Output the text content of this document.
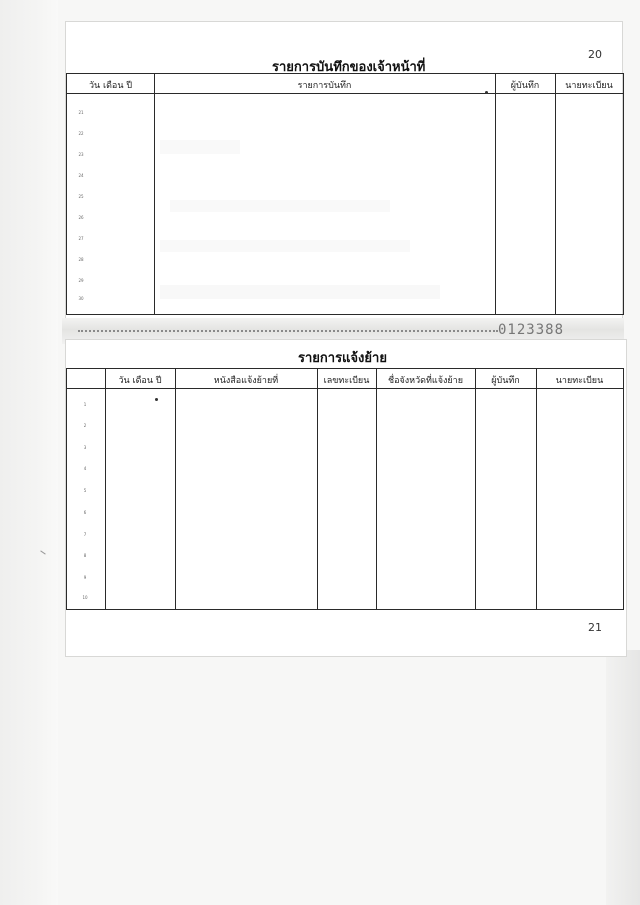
20
รายการบันทึกของเจ้าหน้าที่
วัน เดือน ปี	รายการบันทึก	ผู้บันทึก	นายทะเบียน
21
22
23
24
25
26
27
28
29
30
0123388
รายการแจ้งย้าย
วัน เดือน ปี	หนังสือแจ้งย้ายที่	เลขทะเบียน	ชื่อจังหวัดที่แจ้งย้าย	ผู้บันทึก	นายทะเบียน
1
2
3
4
5
6
7
8
9
10
21
